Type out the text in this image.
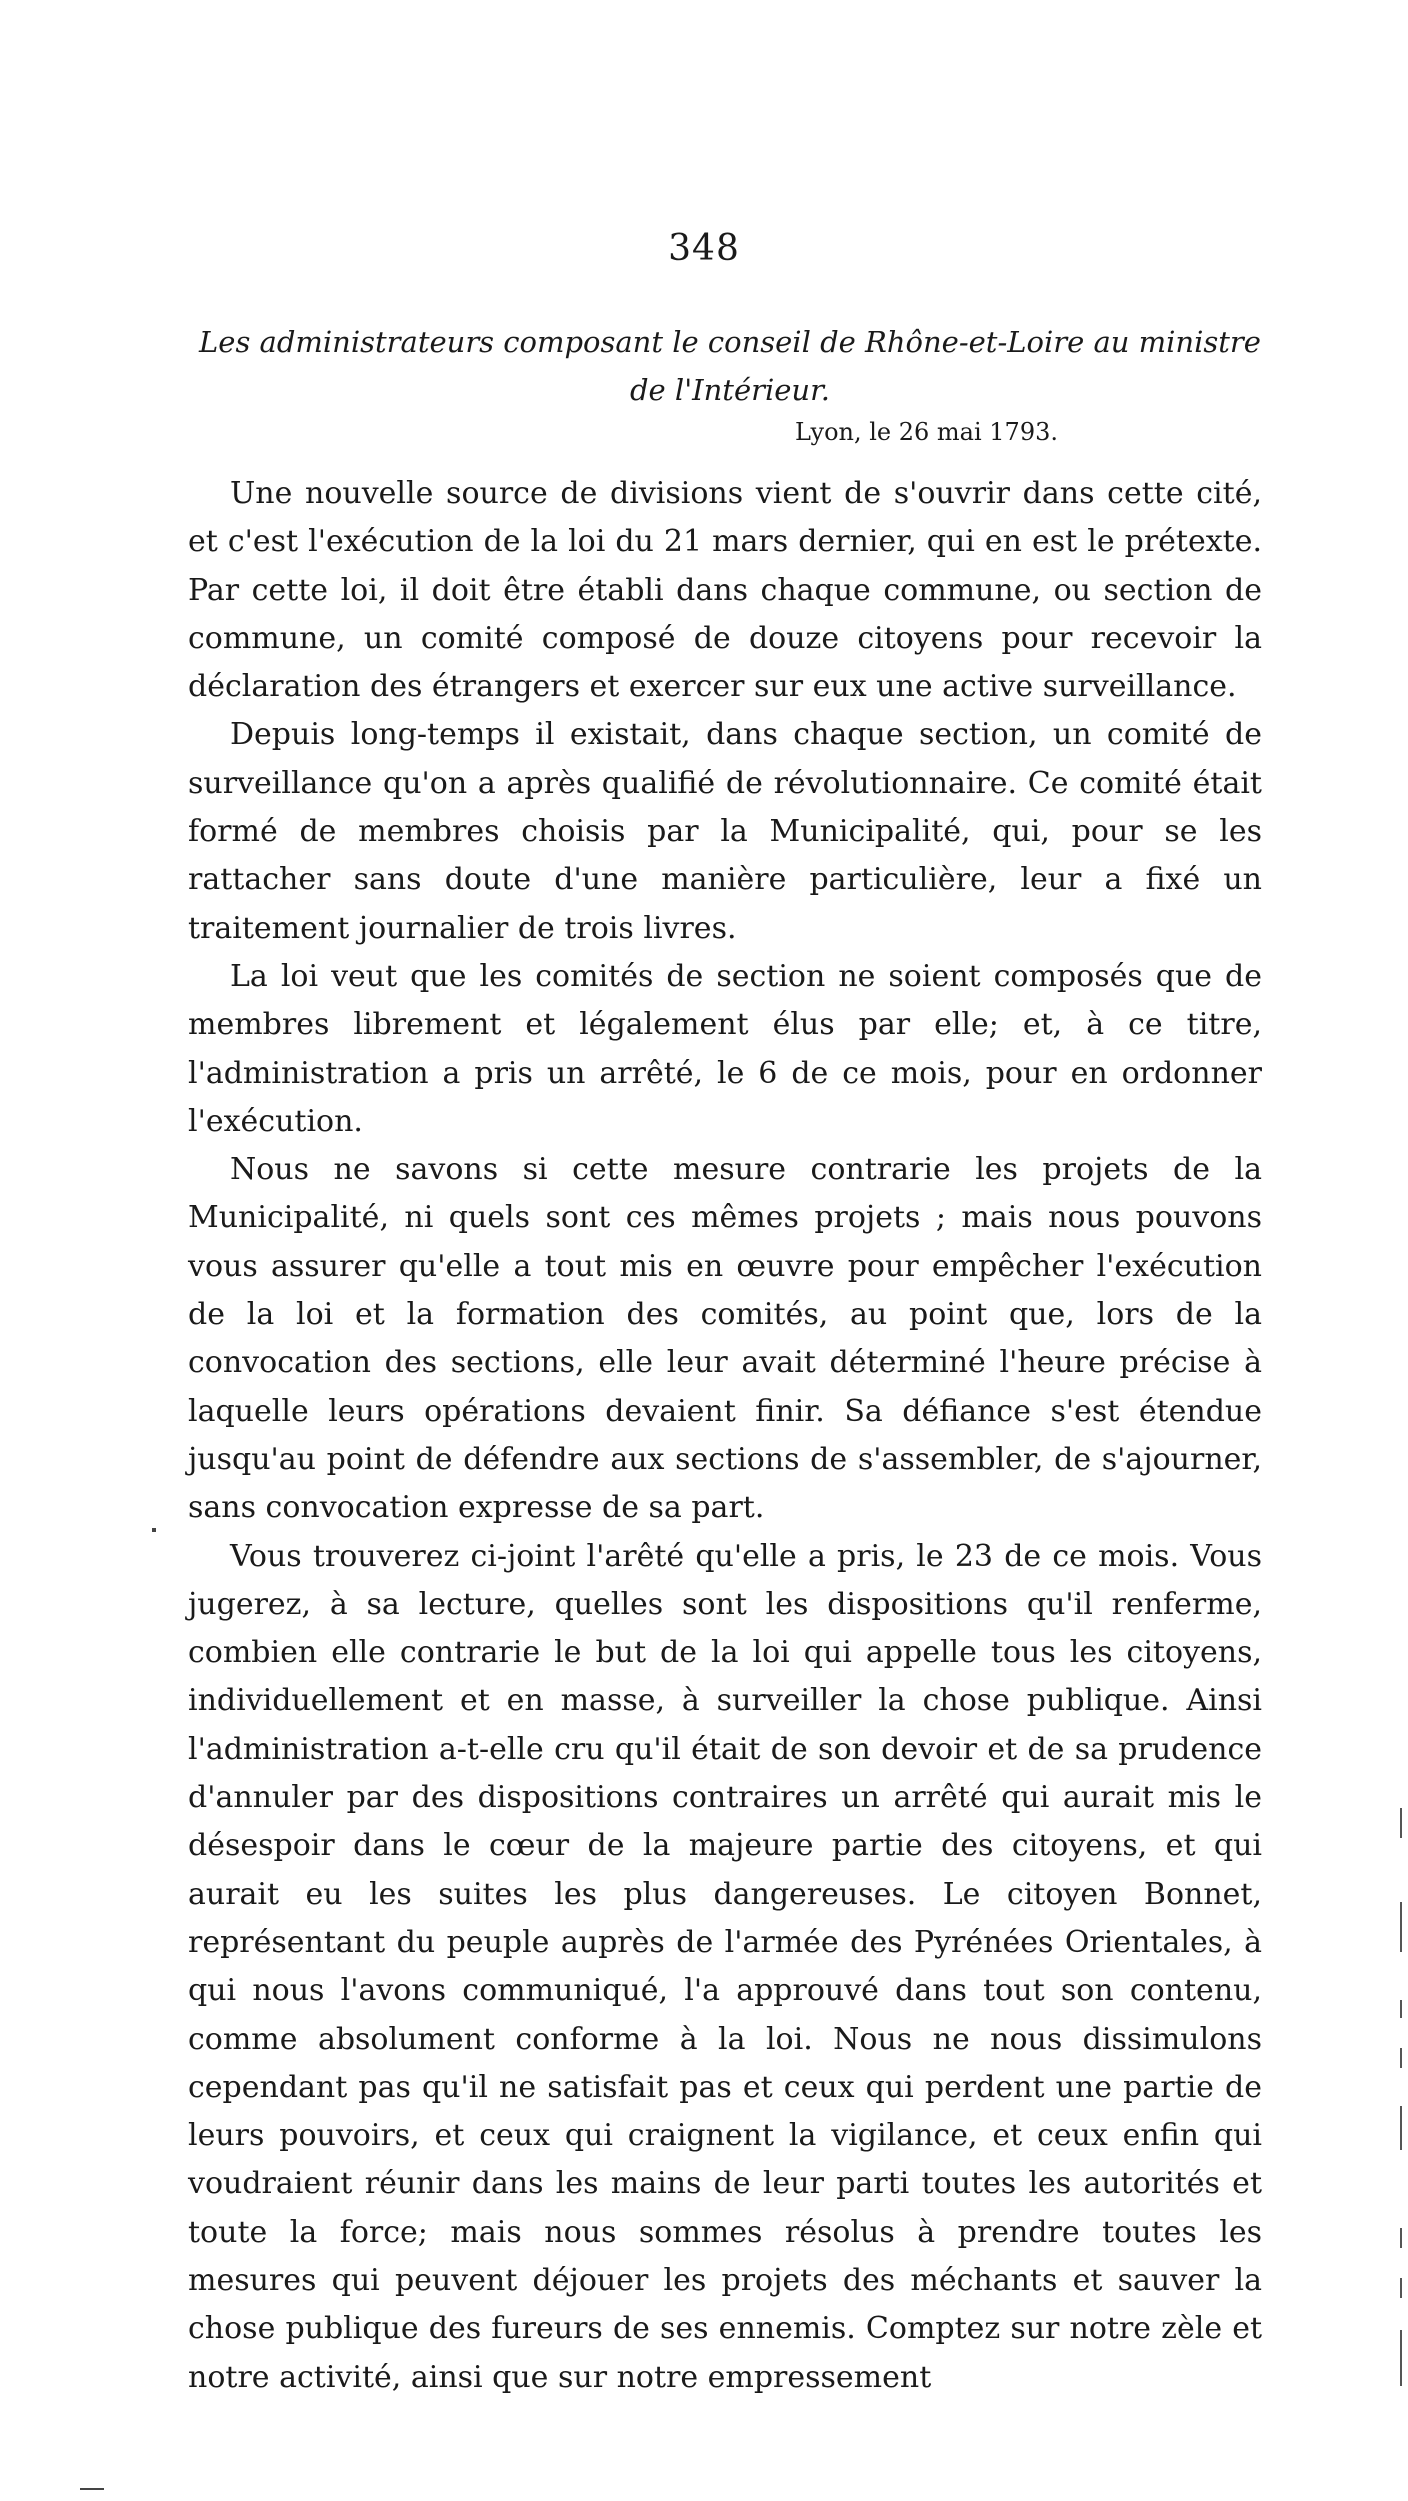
348
Les administrateurs composant le conseil de Rhône-et-Loire au ministre de l'Intérieur.
Lyon, le 26 mai 1793.

Une nouvelle source de divisions vient de s'ouvrir dans cette cité, et c'est l'exécution de la loi du 21 mars dernier, qui en est le prétexte. Par cette loi, il doit être établi dans chaque commune, ou section de commune, un comité composé de douze citoyens pour recevoir la déclaration des étrangers et exercer sur eux une active surveillance.

Depuis long-temps il existait, dans chaque section, un comité de surveillance qu'on a après qualifié de révolutionnaire. Ce comité était formé de membres choisis par la Municipalité, qui, pour se les rattacher sans doute d'une manière particulière, leur a fixé un traitement journalier de trois livres.

La loi veut que les comités de section ne soient composés que de membres librement et légalement élus par elle; et, à ce titre, l'administration a pris un arrêté, le 6 de ce mois, pour en ordonner l'exécution.

Nous ne savons si cette mesure contrarie les projets de la Municipalité, ni quels sont ces mêmes projets ; mais nous pouvons vous assurer qu'elle a tout mis en œuvre pour empêcher l'exécution de la loi et la formation des comités, au point que, lors de la convocation des sections, elle leur avait déterminé l'heure précise à laquelle leurs opérations devaient finir. Sa défiance s'est étendue jusqu'au point de défendre aux sections de s'assembler, de s'ajourner, sans convocation expresse de sa part.

Vous trouverez ci-joint l'arêté qu'elle a pris, le 23 de ce mois. Vous jugerez, à sa lecture, quelles sont les dispositions qu'il renferme, combien elle contrarie le but de la loi qui appelle tous les citoyens, individuellement et en masse, à surveiller la chose publique. Ainsi l'administration a-t-elle cru qu'il était de son devoir et de sa prudence d'annuler par des dispositions contraires un arrêté qui aurait mis le désespoir dans le cœur de la majeure partie des citoyens, et qui aurait eu les suites les plus dangereuses. Le citoyen Bonnet, représentant du peuple auprès de l'armée des Pyrénées Orientales, à qui nous l'avons communiqué, l'a approuvé dans tout son contenu, comme absolument conforme à la loi. Nous ne nous dissimulons cependant pas qu'il ne satisfait pas et ceux qui perdent une partie de leurs pouvoirs, et ceux qui craignent la vigilance, et ceux enfin qui voudraient réunir dans les mains de leur parti toutes les autorités et toute la force; mais nous sommes résolus à prendre toutes les mesures qui peuvent déjouer les projets des méchants et sauver la chose publique des fureurs de ses ennemis. Comptez sur notre zèle et notre activité, ainsi que sur notre empressement
